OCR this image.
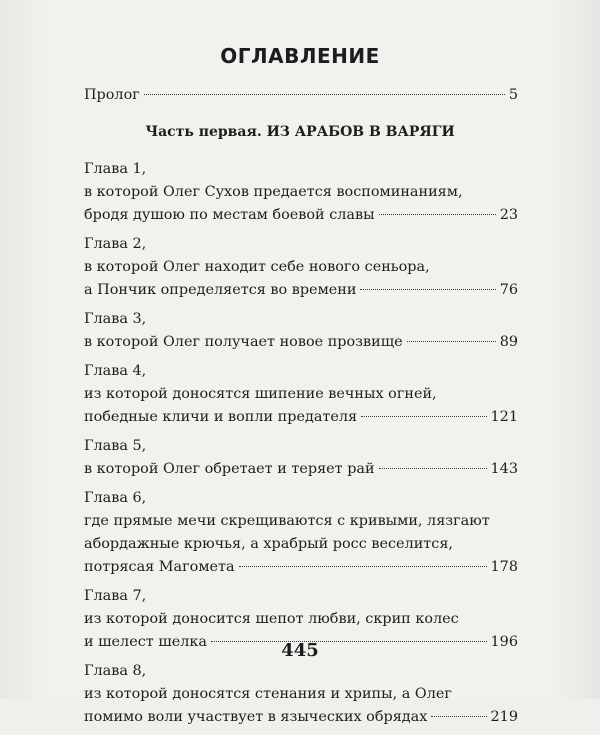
ОГЛАВЛЕНИЕ
Пролог	5
Часть первая. ИЗ АРАБОВ В ВАРЯГИ
Глава 1,
в которой Олег Сухов предается воспоминаниям,
бродя душою по местам боевой славы	23
Глава 2,
в которой Олег находит себе нового сеньора,
а Пончик определяется во времени	76
Глава 3,
в которой Олег получает новое прозвище	89
Глава 4,
из которой доносятся шипение вечных огней,
победные кличи и вопли предателя	121
Глава 5,
в которой Олег обретает и теряет рай	143
Глава 6,
где прямые мечи скрещиваются с кривыми, лязгают
абордажные крючья, а храбрый росс веселится,
потрясая Магомета	178
Глава 7,
из которой доносится шепот любви, скрип колес
и шелест шелка	196
Глава 8,
из которой доносятся стенания и хрипы, а Олег
помимо воли участвует в языческих обрядах	219
445
